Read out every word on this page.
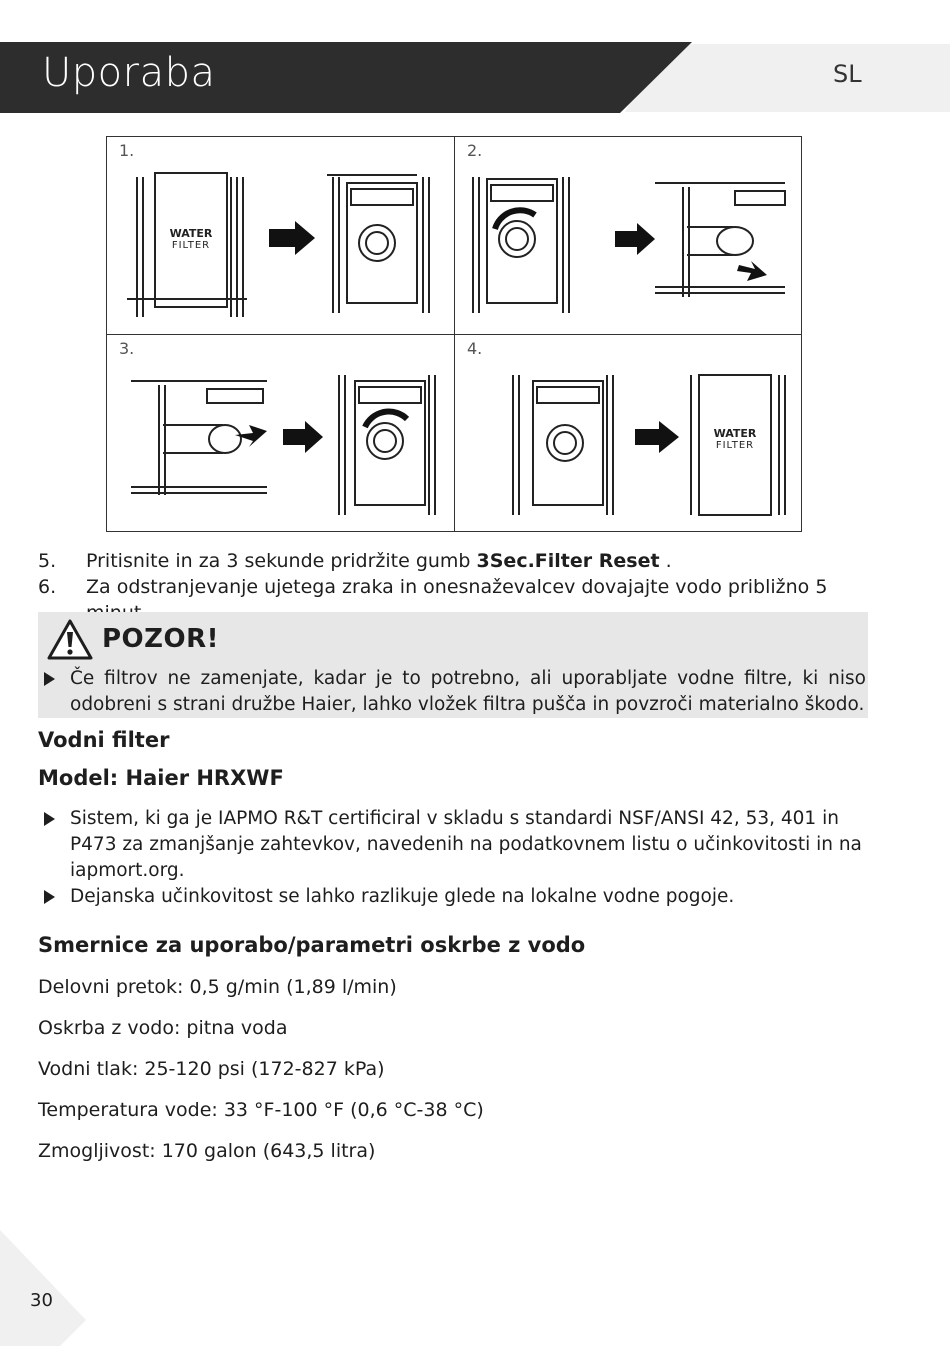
Uporaba	SL
WATER
FILTER
1.	2.
3.
WATER
FILTER
4.
5.	Pritisnite in za 3 sekunde pridržite gumb 3Sec.Filter Reset .
6.	Za odstranjevanje ujetega zraka in onesnaževalcev dovajajte vodo približno 5
POZOR!
Če filtrov ne zamenjate, kadar je to potrebno, ali uporabljate vodne filtre, ki niso odobreni s strani družbe Haier, lahko vložek filtra pušča in povzroči materialno škodo.
Vodni filter
Model: Haier HRXWF
Sistem, ki ga je IAPMO R&T certificiral v skladu s standardi NSF/ANSI 42, 53, 401 in P473 za zmanjšanje zahtevkov, navedenih na podatkovnem listu o učinkovitosti in na iapmort.org.
Dejanska učinkovitost se lahko razlikuje glede na lokalne vodne pogoje.
Smernice za uporabo/parametri oskrbe z vodo
Delovni pretok: 0,5 g/min (1,89 l/min)
Oskrba z vodo: pitna voda
Vodni tlak: 25-120 psi (172-827 kPa)
Temperatura vode: 33 °F-100 °F (0,6 °C-38 °C)
Zmogljivost: 170 galon (643,5 litra)
30
